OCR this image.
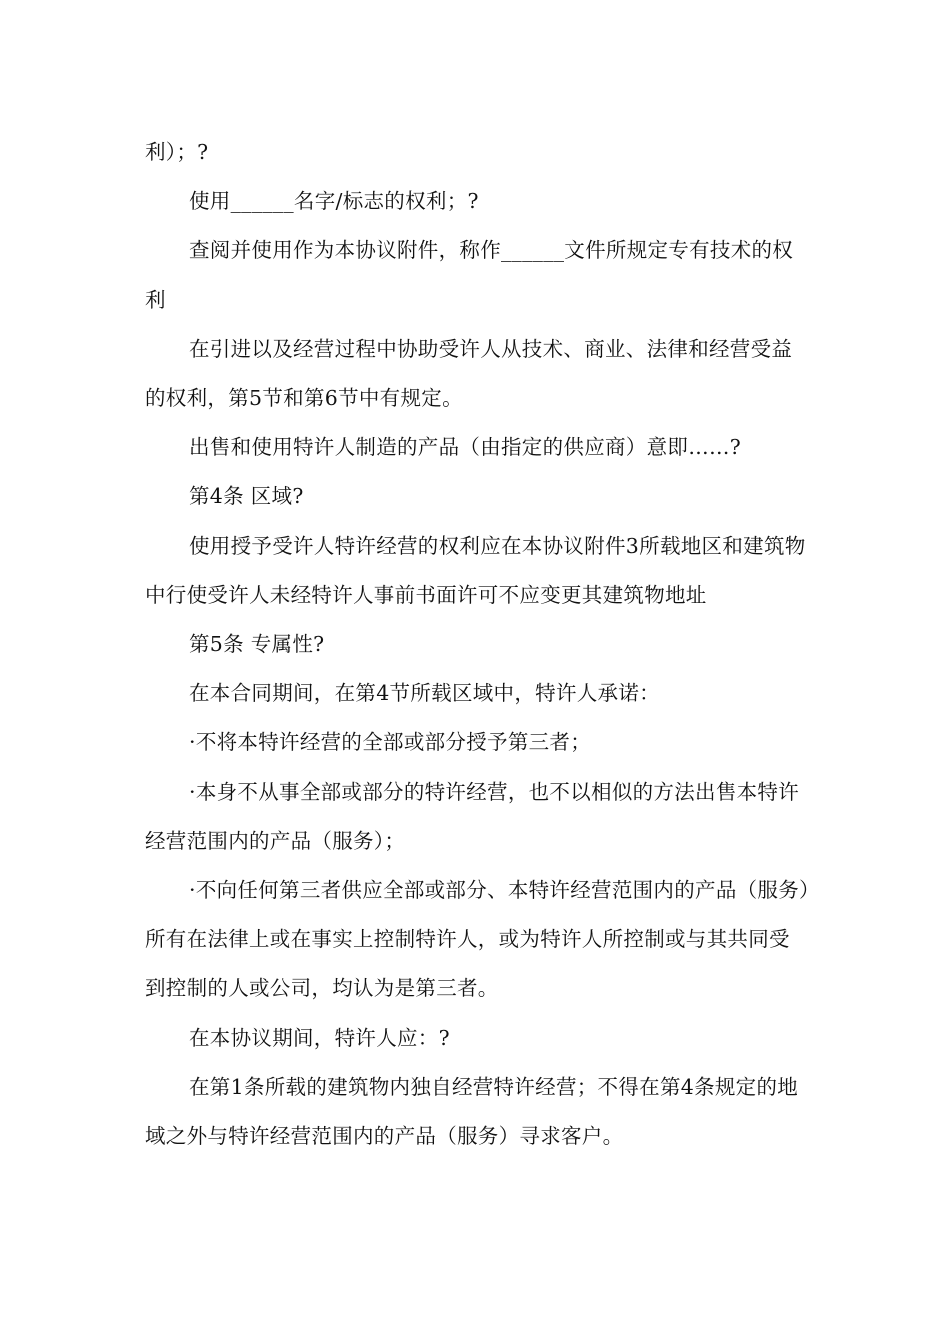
利）；?

使用______名字/标志的权利；?

查阅并使用作为本协议附件，称作______文件所规定专有技术的权利

在引进以及经营过程中协助受许人从技术、商业、法律和经营受益的权利，第5节和第6节中有规定。

出售和使用特许人制造的产品（由指定的供应商）意即……?

第4条 区域?

使用授予受许人特许经营的权利应在本协议附件3所载地区和建筑物中行使受许人未经特许人事前书面许可不应变更其建筑物地址

第5条 专属性?

在本合同期间，在第4节所载区域中，特许人承诺：

·不将本特许经营的全部或部分授予第三者；

·本身不从事全部或部分的特许经营，也不以相似的方法出售本特许经营范围内的产品（服务）；

·不向任何第三者供应全部或部分、本特许经营范围内的产品（服务）所有在法律上或在事实上控制特许人，或为特许人所控制或与其共同受到控制的人或公司，均认为是第三者。

在本协议期间，特许人应：?

在第1条所载的建筑物内独自经营特许经营；不得在第4条规定的地域之外与特许经营范围内的产品（服务）寻求客户。
